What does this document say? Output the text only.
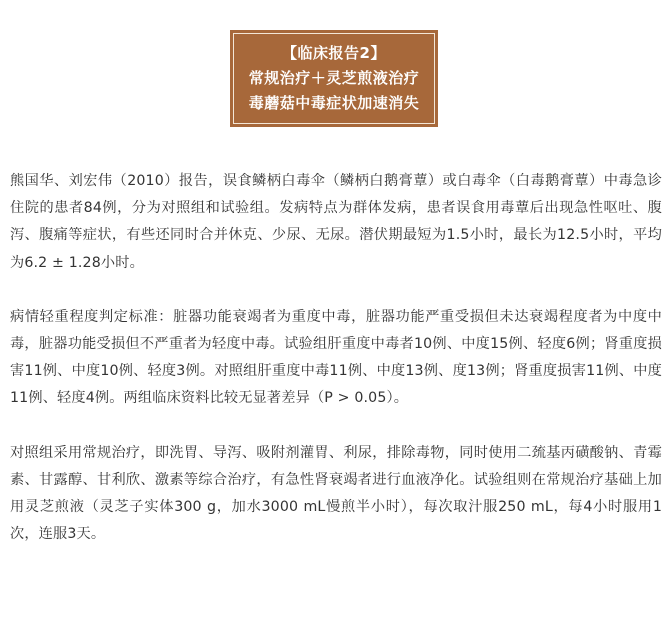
【临床报告2】
常规治疗＋灵芝煎液治疗
毒蘑菇中毒症状加速消失

熊国华、刘宏伟（2010）报告，误食鳞柄白毒伞（鳞柄白鹅膏蕈）或白毒伞（白毒鹅膏蕈）中毒急诊住院的患者84例，分为对照组和试验组。发病特点为群体发病，患者误食用毒蕈后出现急性呕吐、腹泻、腹痛等症状，有些还同时合并休克、少尿、无尿。潜伏期最短为1.5小时，最长为12.5小时，平均为6.2 ± 1.28小时。

病情轻重程度判定标准：脏器功能衰竭者为重度中毒，脏器功能严重受损但未达衰竭程度者为中度中毒，脏器功能受损但不严重者为轻度中毒。试验组肝重度中毒者10例、中度15例、轻度6例；肾重度损害11例、中度10例、轻度3例。对照组肝重度中毒11例、中度13例、度13例；肾重度损害11例、中度11例、轻度4例。两组临床资料比较无显著差异（P > 0.05）。

对照组采用常规治疗，即洗胃、导泻、吸附剂灌胃、利尿，排除毒物，同时使用二巯基丙磺酸钠、青霉素、甘露醇、甘利欣、激素等综合治疗，有急性肾衰竭者进行血液净化。试验组则在常规治疗基础上加用灵芝煎液（灵芝子实体300 g，加水3000 mL慢煎半小时），每次取汁服250 mL，每4小时服用1次，连服3天。
